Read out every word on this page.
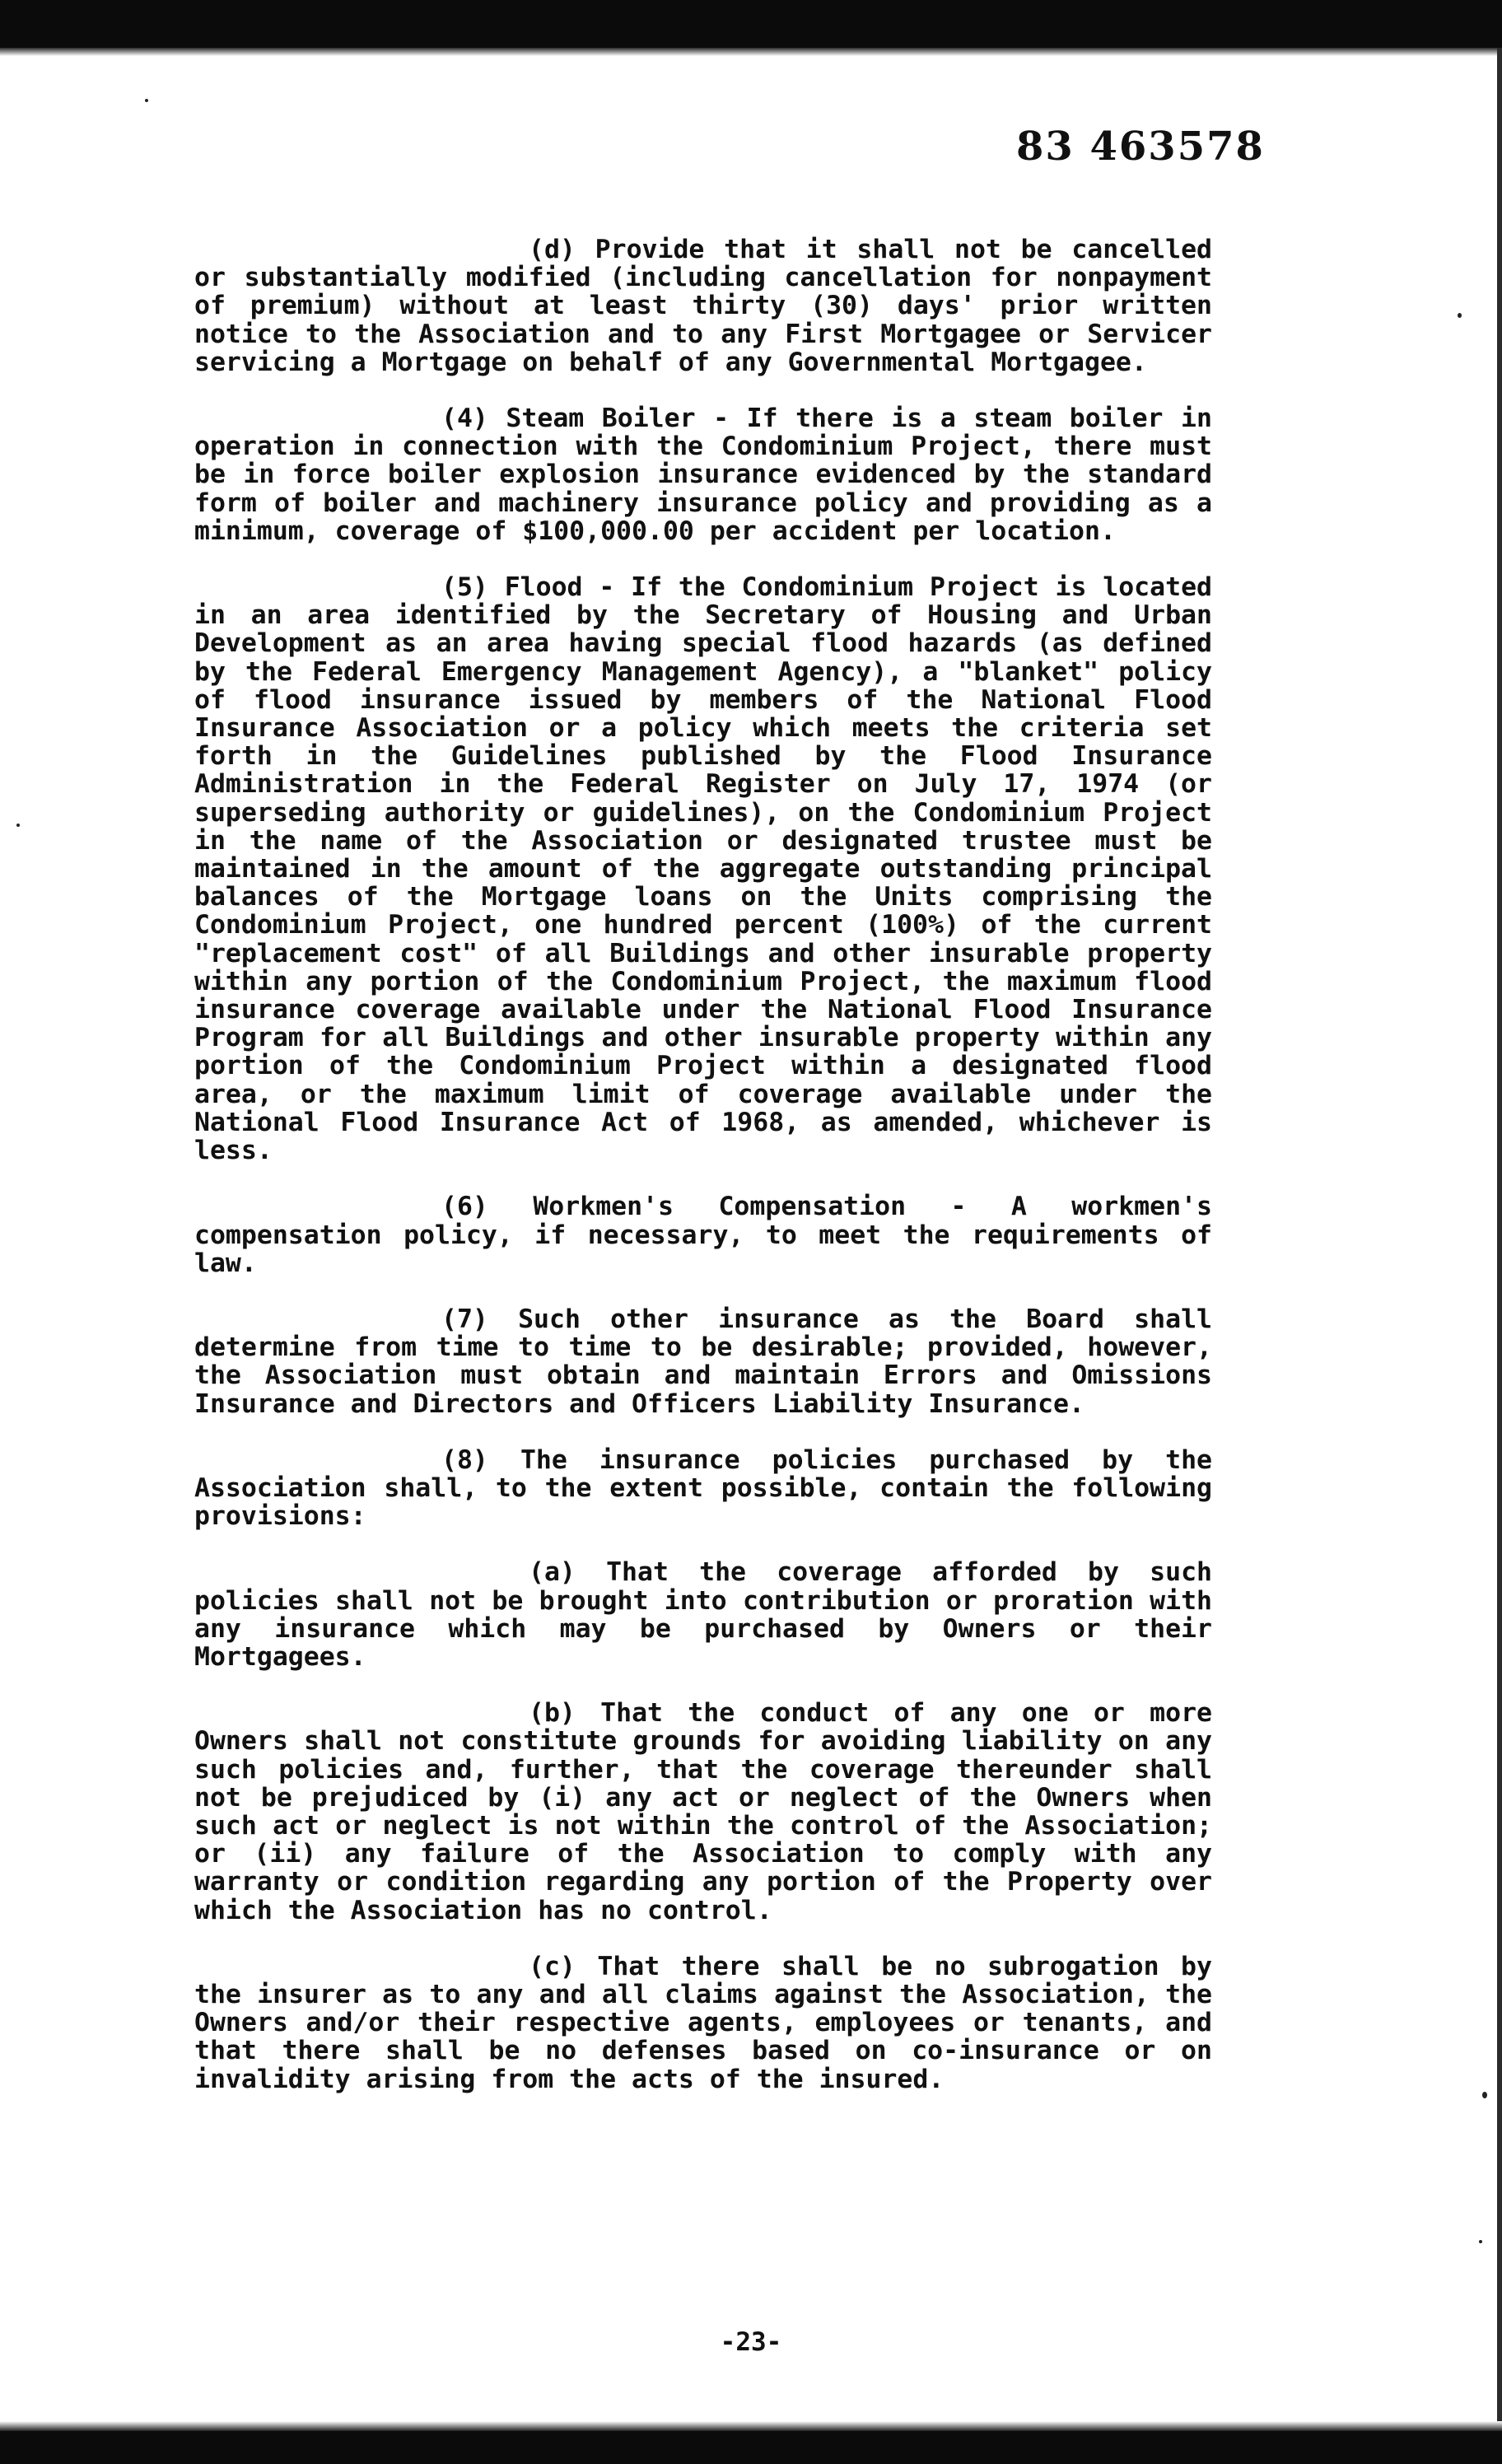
83 463578

(d) Provide that it shall not be cancelled or substantially modified (including cancellation for nonpayment of premium) without at least thirty (30) days' prior written notice to the Association and to any First Mortgagee or Servicer servicing a Mortgage on behalf of any Governmental Mortgagee.

(4) Steam Boiler - If there is a steam boiler in operation in connection with the Condominium Project, there must be in force boiler explosion insurance evidenced by the standard form of boiler and machinery insurance policy and providing as a minimum, coverage of $100,000.00 per accident per location.

(5) Flood - If the Condominium Project is located in an area identified by the Secretary of Housing and Urban Development as an area having special flood hazards (as defined by the Federal Emergency Management Agency), a "blanket" policy of flood insurance issued by members of the National Flood Insurance Association or a policy which meets the criteria set forth in the Guidelines published by the Flood Insurance Administration in the Federal Register on July 17, 1974 (or superseding authority or guidelines), on the Condominium Project in the name of the Association or designated trustee must be maintained in the amount of the aggregate outstanding principal balances of the Mortgage loans on the Units comprising the Condominium Project, one hundred percent (100%) of the current "replacement cost" of all Buildings and other insurable property within any portion of the Condominium Project, the maximum flood insurance coverage available under the National Flood Insurance Program for all Buildings and other insurable property within any portion of the Condominium Project within a designated flood area, or the maximum limit of coverage available under the National Flood Insurance Act of 1968, as amended, whichever is less.

(6) Workmen's Compensation - A workmen's compensation policy, if necessary, to meet the requirements of law.

(7) Such other insurance as the Board shall determine from time to time to be desirable; provided, however, the Association must obtain and maintain Errors and Omissions Insurance and Directors and Officers Liability Insurance.

(8) The insurance policies purchased by the Association shall, to the extent possible, contain the following provisions:

(a) That the coverage afforded by such policies shall not be brought into contribution or proration with any insurance which may be purchased by Owners or their Mortgagees.

(b) That the conduct of any one or more Owners shall not constitute grounds for avoiding liability on any such policies and, further, that the coverage thereunder shall not be prejudiced by (i) any act or neglect of the Owners when such act or neglect is not within the control of the Association; or (ii) any failure of the Association to comply with any warranty or condition regarding any portion of the Property over which the Association has no control.

(c) That there shall be no subrogation by the insurer as to any and all claims against the Association, the Owners and/or their respective agents, employees or tenants, and that there shall be no defenses based on co-insurance or on invalidity arising from the acts of the insured.

-23-
